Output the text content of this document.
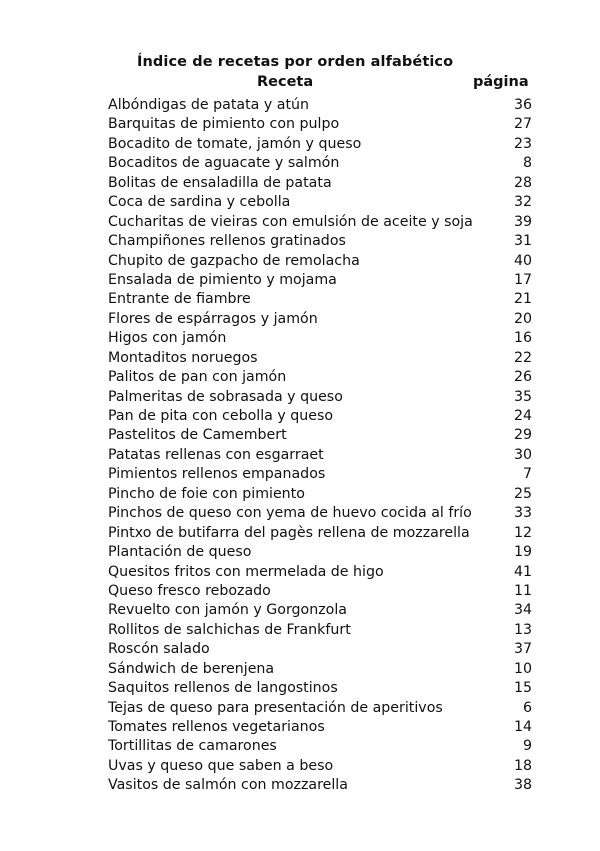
Índice de recetas por orden alfabético
Receta	página
Albóndigas de patata y atún	36
Barquitas de pimiento con pulpo	27
Bocadito de tomate, jamón y queso	23
Bocaditos de aguacate y salmón	8
Bolitas de ensaladilla de patata	28
Coca de sardina y cebolla	32
Cucharitas de vieiras con emulsión de aceite y soja	39
Champiñones rellenos gratinados	31
Chupito de gazpacho de remolacha	40
Ensalada de pimiento y mojama	17
Entrante de fiambre	21
Flores de espárragos y jamón	20
Higos con jamón	16
Montaditos noruegos	22
Palitos de pan con jamón	26
Palmeritas de sobrasada y queso	35
Pan de pita con cebolla y queso	24
Pastelitos de Camembert	29
Patatas rellenas con esgarraet	30
Pimientos rellenos empanados	7
Pincho de foie con pimiento	25
Pinchos de queso con yema de huevo cocida al frío	33
Pintxo de butifarra del pagès rellena de mozzarella	12
Plantación de queso	19
Quesitos fritos con mermelada de higo	41
Queso fresco rebozado	11
Revuelto con jamón y Gorgonzola	34
Rollitos de salchichas de Frankfurt	13
Roscón salado	37
Sándwich de berenjena	10
Saquitos rellenos de langostinos	15
Tejas de queso para presentación de aperitivos	6
Tomates rellenos vegetarianos	14
Tortillitas de camarones	9
Uvas y queso que saben a beso	18
Vasitos de salmón con mozzarella	38
